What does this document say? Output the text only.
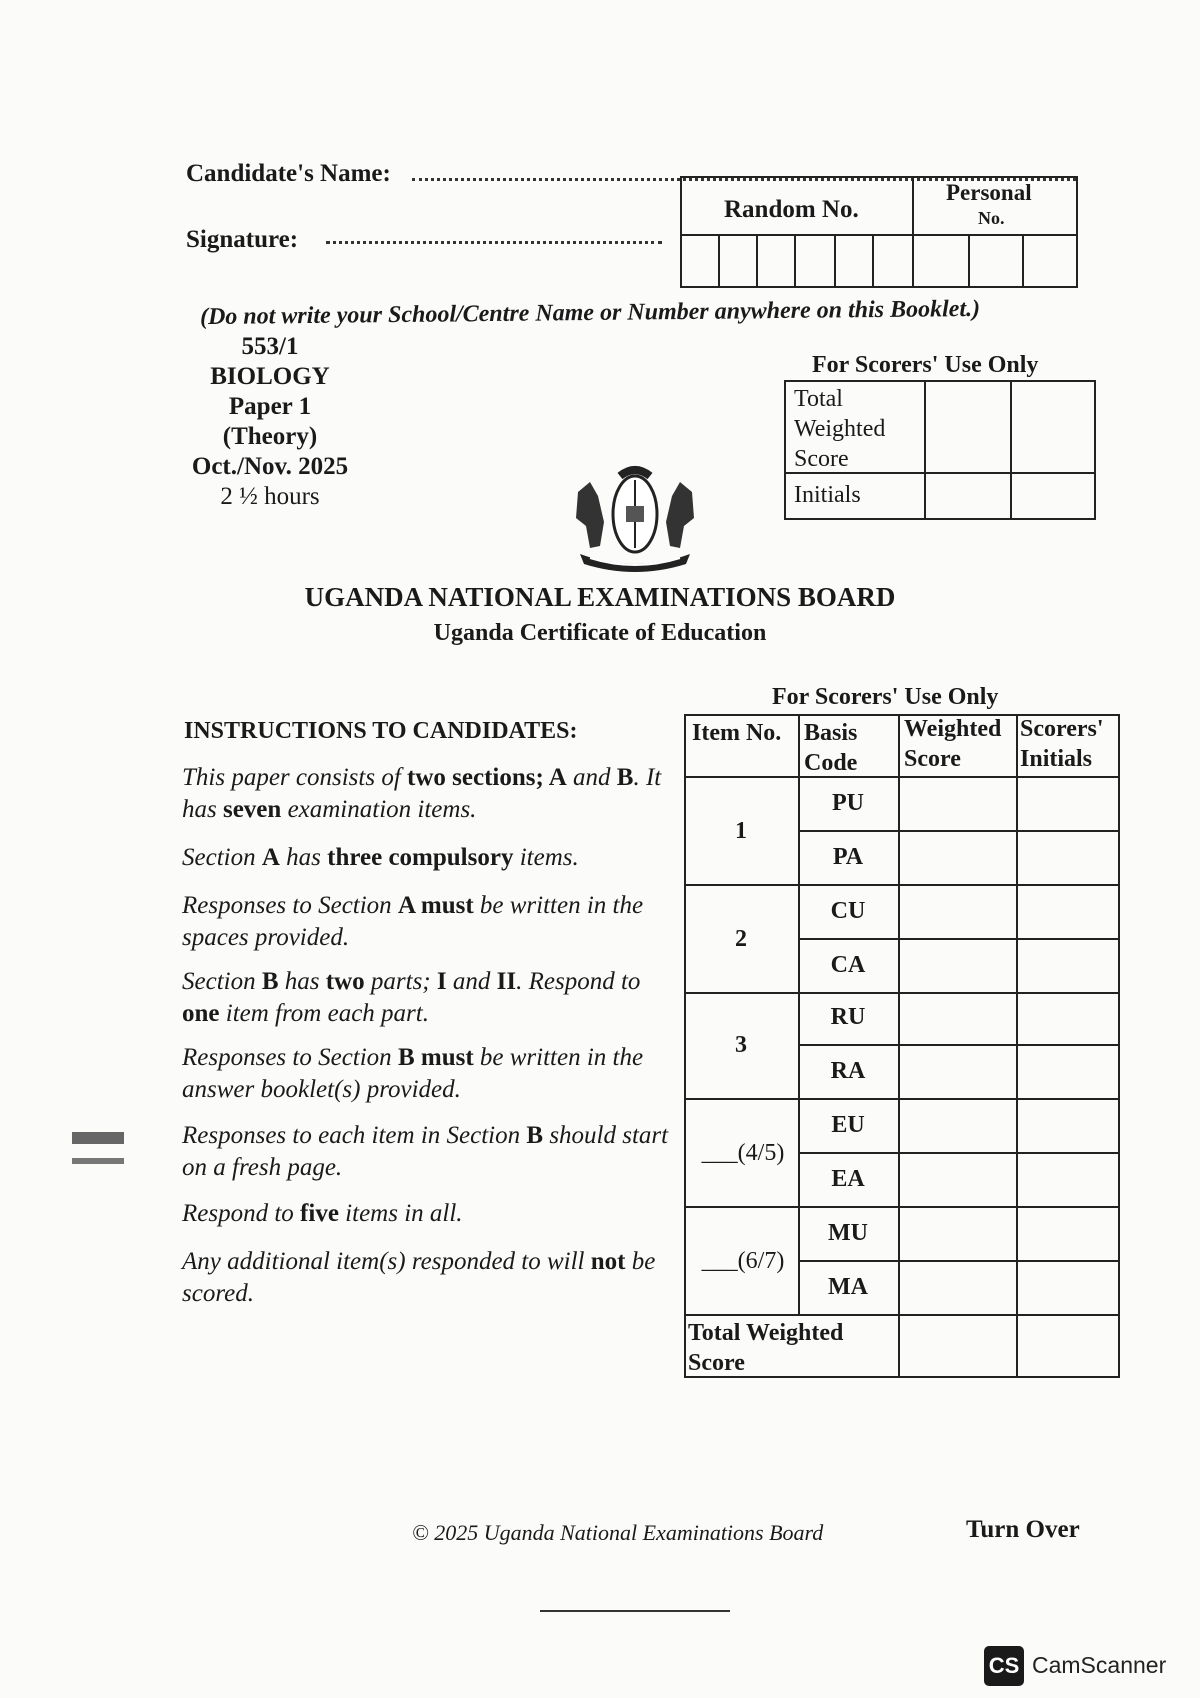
Candidate's Name:
Signature:
Random No.
Personal
No.
(Do not write your School/Centre Name or Number anywhere on this Booklet.)
553/1
BIOLOGY
Paper 1
(Theory)
Oct./Nov. 2025
2 ½ hours
For Scorers' Use Only
Total
Weighted
Score
Initials
UGANDA NATIONAL EXAMINATIONS BOARD
Uganda Certificate of Education
INSTRUCTIONS TO CANDIDATES:

This paper consists of two sections; A and B. It has seven examination items.

Section A has three compulsory items.

Responses to Section A must be written in the spaces provided.

Section B has two parts; I and II. Respond to one item from each part.

Responses to Section B must be written in the answer booklet(s) provided.

Responses to each item in Section B should start on a fresh page.

Respond to five items in all.

Any additional item(s) responded to will not be scored.

For Scorers' Use Only
Item No. Basis
Code
Weighted
Score
Scorers'
Initials
1
2
3
___(4/5)
___(6/7)
PU
PA
CU
CA
RU
RA
EU
EA
MU
MA
Total Weighted
Score
© 2025 Uganda National Examinations Board	Turn Over
CS CamScanner
